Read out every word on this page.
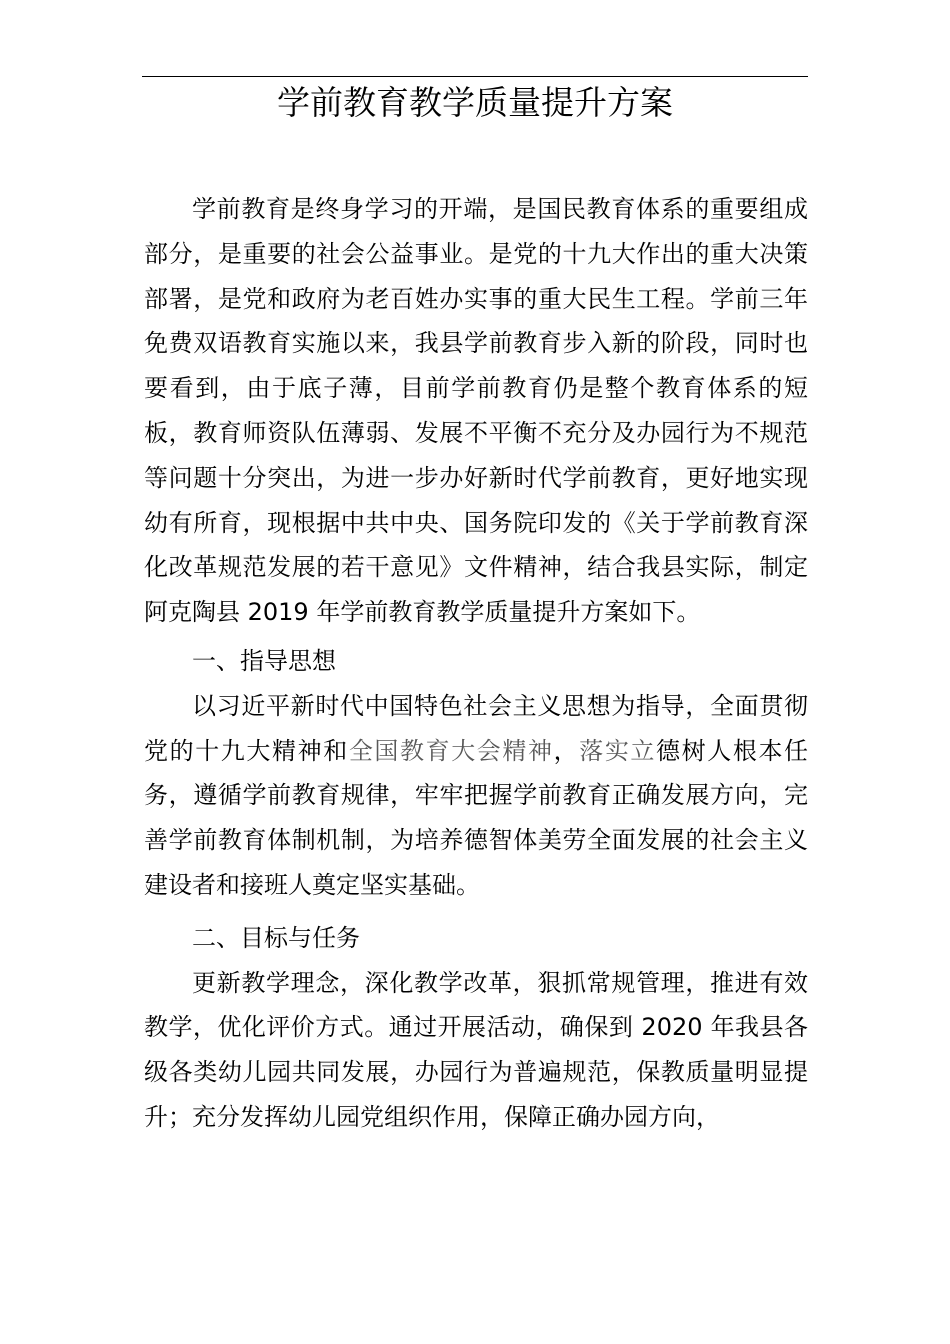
学前教育教学质量提升方案

学前教育是终身学习的开端，是国民教育体系的重要组成部分，是重要的社会公益事业。是党的十九大作出的重大决策部署，是党和政府为老百姓办实事的重大民生工程。学前三年免费双语教育实施以来，我县学前教育步入新的阶段，同时也要看到，由于底子薄，目前学前教育仍是整个教育体系的短板，教育师资队伍薄弱、发展不平衡不充分及办园行为不规范等问题十分突出，为进一步办好新时代学前教育，更好地实现幼有所育，现根据中共中央、国务院印发的《关于学前教育深化改革规范发展的若干意见》文件精神，结合我县实际，制定阿克陶县 2019 年学前教育教学质量提升方案如下。

一、指导思想

以习近平新时代中国特色社会主义思想为指导，全面贯彻党的十九大精神和全国教育大会精神，落实立德树人根本任务，遵循学前教育规律，牢牢把握学前教育正确发展方向，完善学前教育体制机制，为培养德智体美劳全面发展的社会主义建设者和接班人奠定坚实基础。

二、目标与任务

更新教学理念，深化教学改革，狠抓常规管理，推进有效教学，优化评价方式。通过开展活动，确保到 2020 年我县各级各类幼儿园共同发展，办园行为普遍规范，保教质量明显提升；充分发挥幼儿园党组织作用，保障正确办园方向，
